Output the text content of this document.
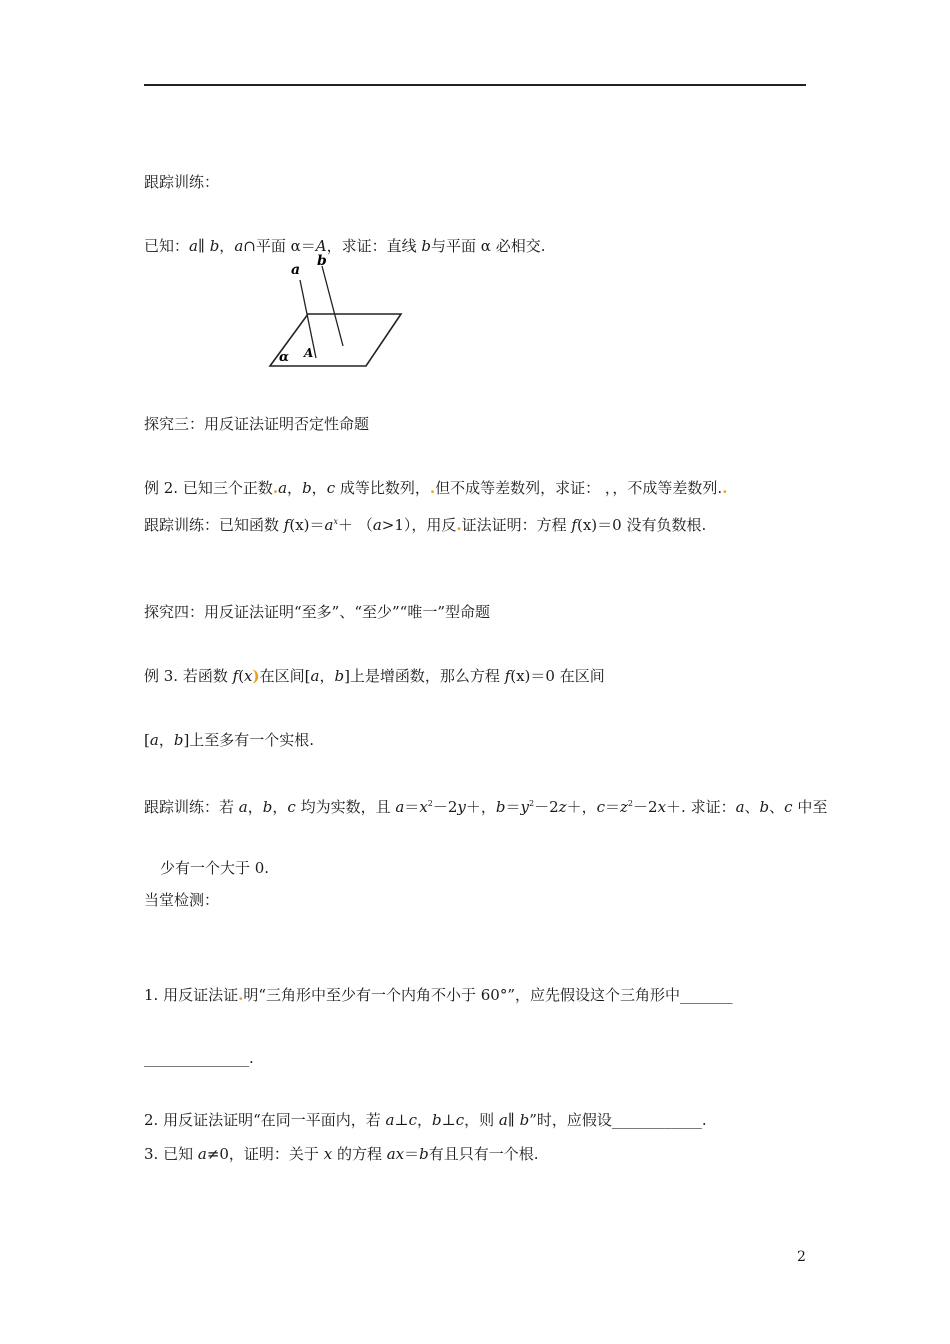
跟踪训练：
已知：a∥ b，a∩平面 α＝A，求证：直线 b与平面 α 必相交.
a
b
α A
探究三：用反证法证明否定性命题
例 2. 已知三个正数.a，b，c 成等比数列，.但不成等差数列，求证： ，，不成等差数列..
跟踪训练：已知函数 $f(x)=a^x+ (a>1)$，用反.证法证明：方程 f(x)＝0 没有负数根.
探究四：用反证法证明“至多”、“至少”“唯一”型命题
例 3. 若函数 f(x)在区间[a，b]上是增函数，那么方程 f(x)＝0 在区间
[a，b]上至多有一个实根.
跟踪训练：若 a，b，c 均为实数，且 $a=x^2-2y+$，$b=y^2-2z+$，$c=z^2-2x+$. 求证：a、b、c 中至
少有一个大于 0.
当堂检测：
1. 用反证法证.明“三角形中至少有一个内角不小于 60°”，应先假设这个三角形中_______
______________.
2. 用反证法证明“在同一平面内，若 a⊥c，b⊥c，则 a∥ b”时，应假设____________.
3. 已知 a≠0，证明：关于 x 的方程 ax＝b有且只有一个根.
2
